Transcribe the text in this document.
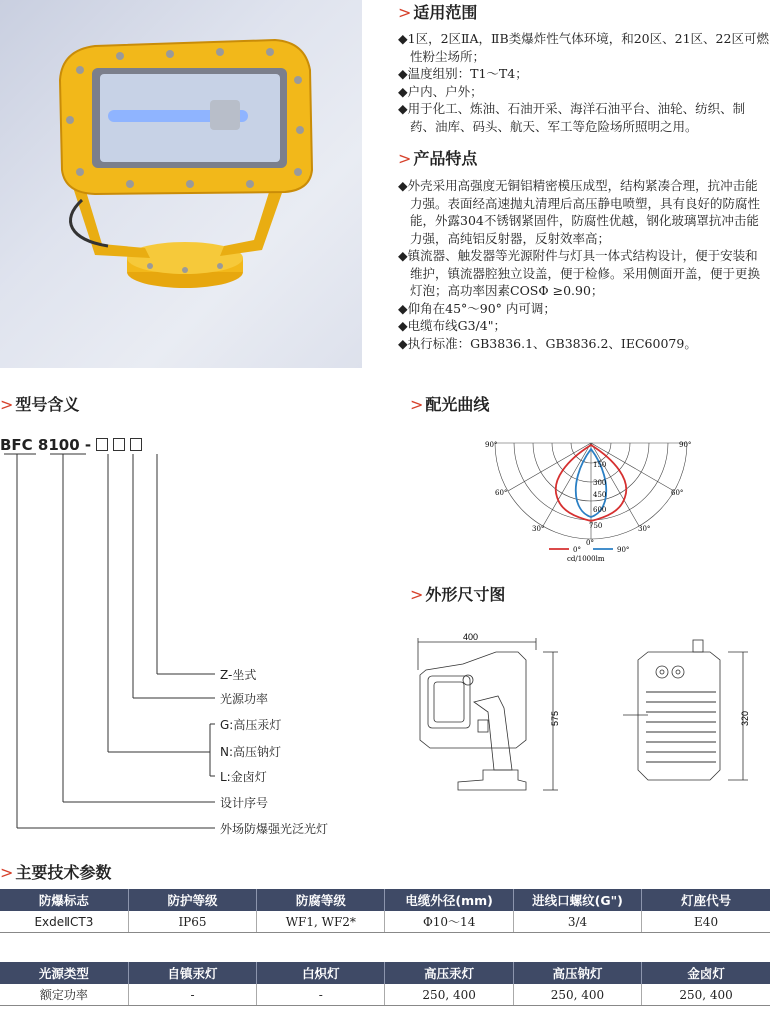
> 适用范围
◆1区，2区ⅡA，ⅡB类爆炸性气体环境，和20区、21区、22区可燃性粉尘场所；
◆温度组别：T1～T4；
◆户内、户外；
◆用于化工、炼油、石油开采、海洋石油平台、油轮、纺织、制药、油库、码头、航天、军工等危险场所照明之用。
> 产品特点
◆外壳采用高强度无铜铝精密模压成型，结构紧凑合理，抗冲击能力强。表面经高速抛丸清理后高压静电喷塑，具有良好的防腐性能，外露304不锈钢紧固件，防腐性优越，钢化玻璃罩抗冲击能力强，高纯铝反射器，反射效率高；
◆镇流器、触发器等光源附件与灯具一体式结构设计，便于安装和维护，镇流器腔独立设盖，便于检修。采用侧面开盖，便于更换灯泡；高功率因素COSΦ ≥0.90；
◆仰角在45°～90° 内可调；
◆电缆布线G3/4"；
◆执行标准：GB3836.1、GB3836.2、IEC60079。
> 型号含义
BFC 8100 -
Z-坐式
光源功率
G:高压汞灯
N:高压钠灯
L:金卤灯
设计序号
外场防爆强光泛光灯
> 配光曲线
90°	90°
60°	60°
30°	30°
150
300
450
600
750
0°
0°	90°
cd/1000lm
> 外形尺寸图
400
575	320
> 主要技术参数
防爆标志	防护等级	防腐等级	电缆外径(mm)	进线口螺纹(G")	灯座代号
ExdeⅡCT3	IP65	WF1, WF2*	Φ10～14	3/4	E40
光源类型	自镇汞灯	白炽灯	高压汞灯	高压钠灯	金卤灯
额定功率	-	-	250, 400	250, 400	250, 400
